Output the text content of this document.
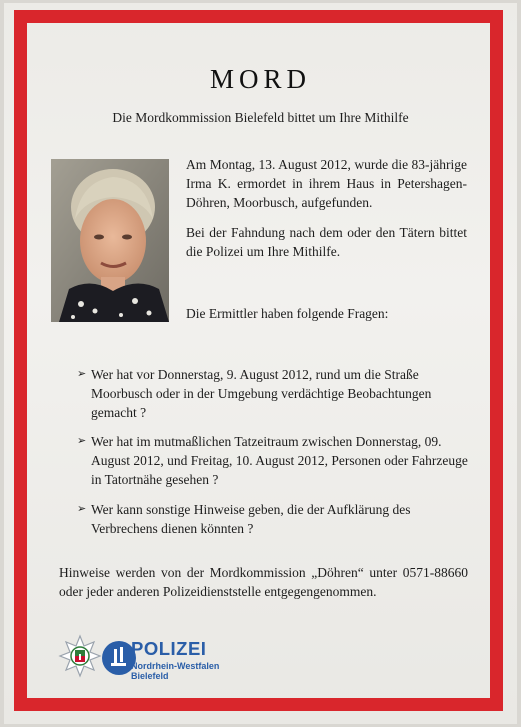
MORD
Die Mordkommission Bielefeld bittet um Ihre Mithilfe
Am Montag, 13. August 2012, wurde die 83-jährige Irma K. ermordet in ihrem Haus in Petershagen- Döhren, Moorbusch, aufgefunden.
Bei der Fahndung nach dem oder den Tätern bittet die Polizei um Ihre Mithilfe.
Die Ermittler haben folgende Fragen:
➢ Wer hat vor Donnerstag, 9. August 2012, rund um die Straße Moorbusch oder in der Umgebung verdächtige Beobachtungen gemacht ?
➢ Wer hat im mutmaßlichen Tatzeitraum zwischen Donnerstag, 09. August 2012, und Freitag, 10. August 2012, Personen oder Fahrzeuge in Tatortnähe gesehen ?
➢ Wer kann sonstige Hinweise geben, die der Aufklärung des Verbrechens dienen könnten ?
Hinweise werden von der Mordkommission „Döhren“ unter 0571-88660 oder jeder anderen Polizeidienststelle entgegengenommen.
POLIZEI
Nordrhein-Westfalen
Bielefeld
